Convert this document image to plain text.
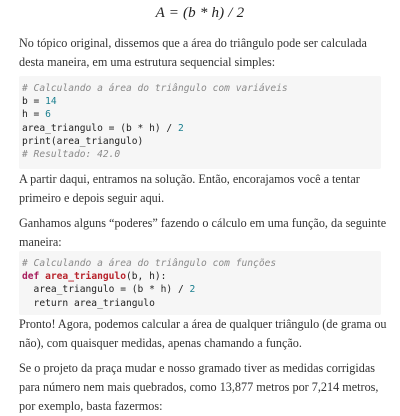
A = (b * h) / 2

No tópico original, dissemos que a área do triângulo pode ser calculada desta maneira, em uma estrutura sequencial simples:

# Calculando a área do triângulo com variáveis
b = 14
h = 6
area_triangulo = (b * h) / 2
print(area_triangulo)
# Resultado: 42.0

A partir daqui, entramos na solução. Então, encorajamos você a tentar primeiro e depois seguir aqui.

Ganhamos alguns “poderes” fazendo o cálculo em uma função, da seguinte maneira:

# Calculando a área do triângulo com funções
def area_triangulo(b, h):
area_triangulo = (b * h) / 2
return area_triangulo

Pronto! Agora, podemos calcular a área de qualquer triângulo (de grama ou não), com quaisquer medidas, apenas chamando a função.

Se o projeto da praça mudar e nosso gramado tiver as medidas corrigidas para número nem mais quebrados, como 13,877 metros por 7,214 metros, por exemplo, basta fazermos:
